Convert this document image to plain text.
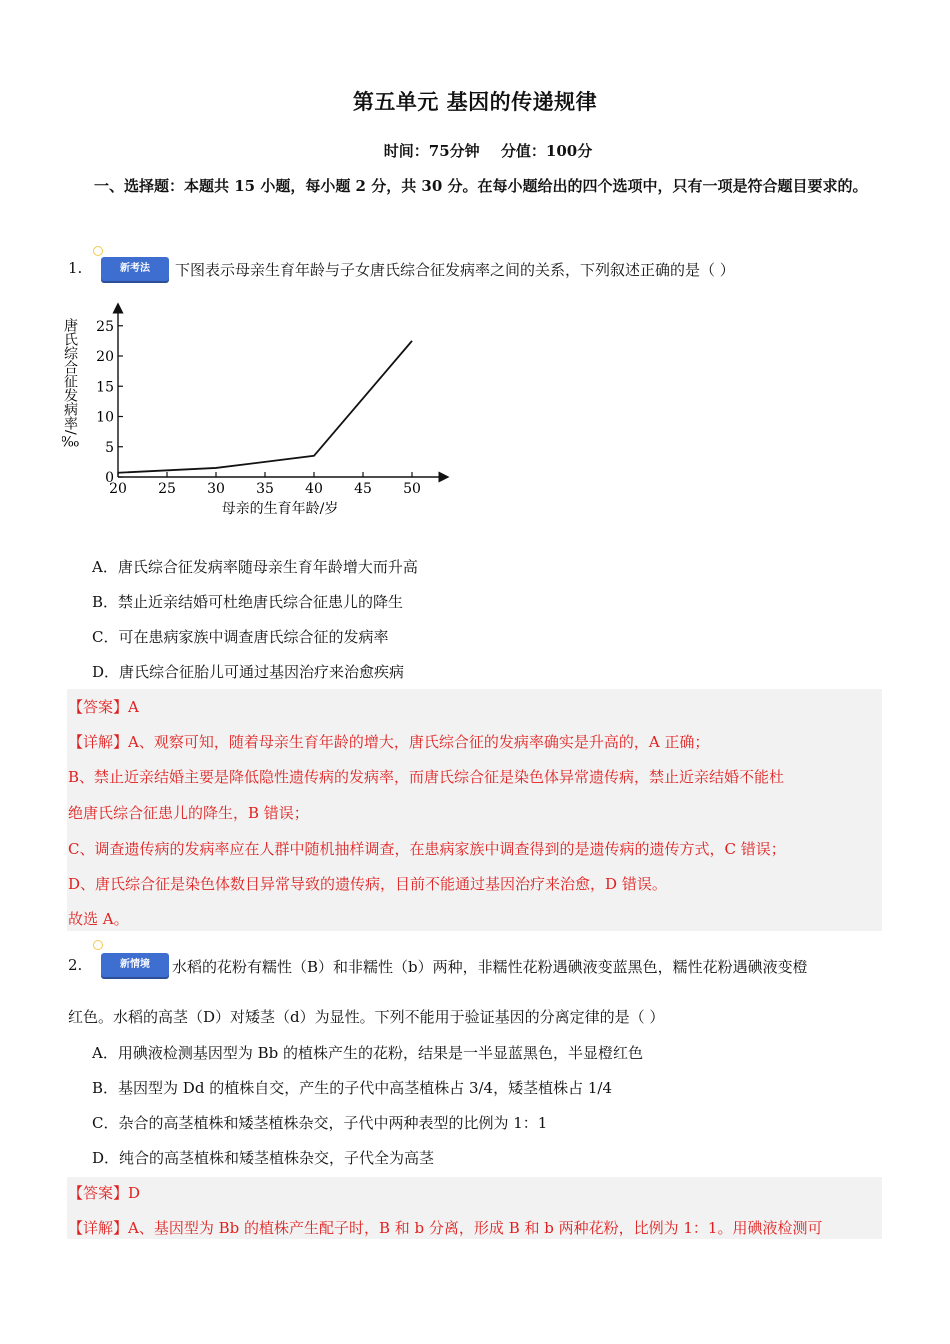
第五单元 基因的传递规律
时间：75分钟 分值：100分
一、选择题：本题共 15 小题，每小题 2 分，共 30 分。在每小题给出的四个选项中，只有一项是符合题目要求的。
1.	新考法	下图表示母亲生育年龄与子女唐氏综合征发病率之间的关系，下列叙述正确的是（ ）
0
5
10
15
20
25
20 25 30 35 40 45 50
唐氏综合征发病率/‰
母亲的生育年龄/岁
A．唐氏综合征发病率随母亲生育年龄增大而升高
B．禁止近亲结婚可杜绝唐氏综合征患儿的降生
C．可在患病家族中调查唐氏综合征的发病率
D．唐氏综合征胎儿可通过基因治疗来治愈疾病
【答案】A
【详解】A、观察可知，随着母亲生育年龄的增大，唐氏综合征的发病率确实是升高的，A 正确；
B、禁止近亲结婚主要是降低隐性遗传病的发病率，而唐氏综合征是染色体异常遗传病，禁止近亲结婚不能杜
绝唐氏综合征患儿的降生，B 错误；
C、调查遗传病的发病率应在人群中随机抽样调查，在患病家族中调查得到的是遗传病的遗传方式，C 错误；
D、唐氏综合征是染色体数目异常导致的遗传病，目前不能通过基因治疗来治愈，D 错误。
故选 A。
2.	新情境	水稻的花粉有糯性（B）和非糯性（b）两种，非糯性花粉遇碘液变蓝黑色，糯性花粉遇碘液变橙
红色。水稻的高茎（D）对矮茎（d）为显性。下列不能用于验证基因的分离定律的是（ ）
A．用碘液检测基因型为 Bb 的植株产生的花粉，结果是一半显蓝黑色，半显橙红色
B．基因型为 Dd 的植株自交，产生的子代中高茎植株占 3/4，矮茎植株占 1/4
C．杂合的高茎植株和矮茎植株杂交，子代中两种表型的比例为 1：1
D．纯合的高茎植株和矮茎植株杂交，子代全为高茎
【答案】D
【详解】A、基因型为 Bb 的植株产生配子时，B 和 b 分离，形成 B 和 b 两种花粉，比例为 1：1。用碘液检测可
